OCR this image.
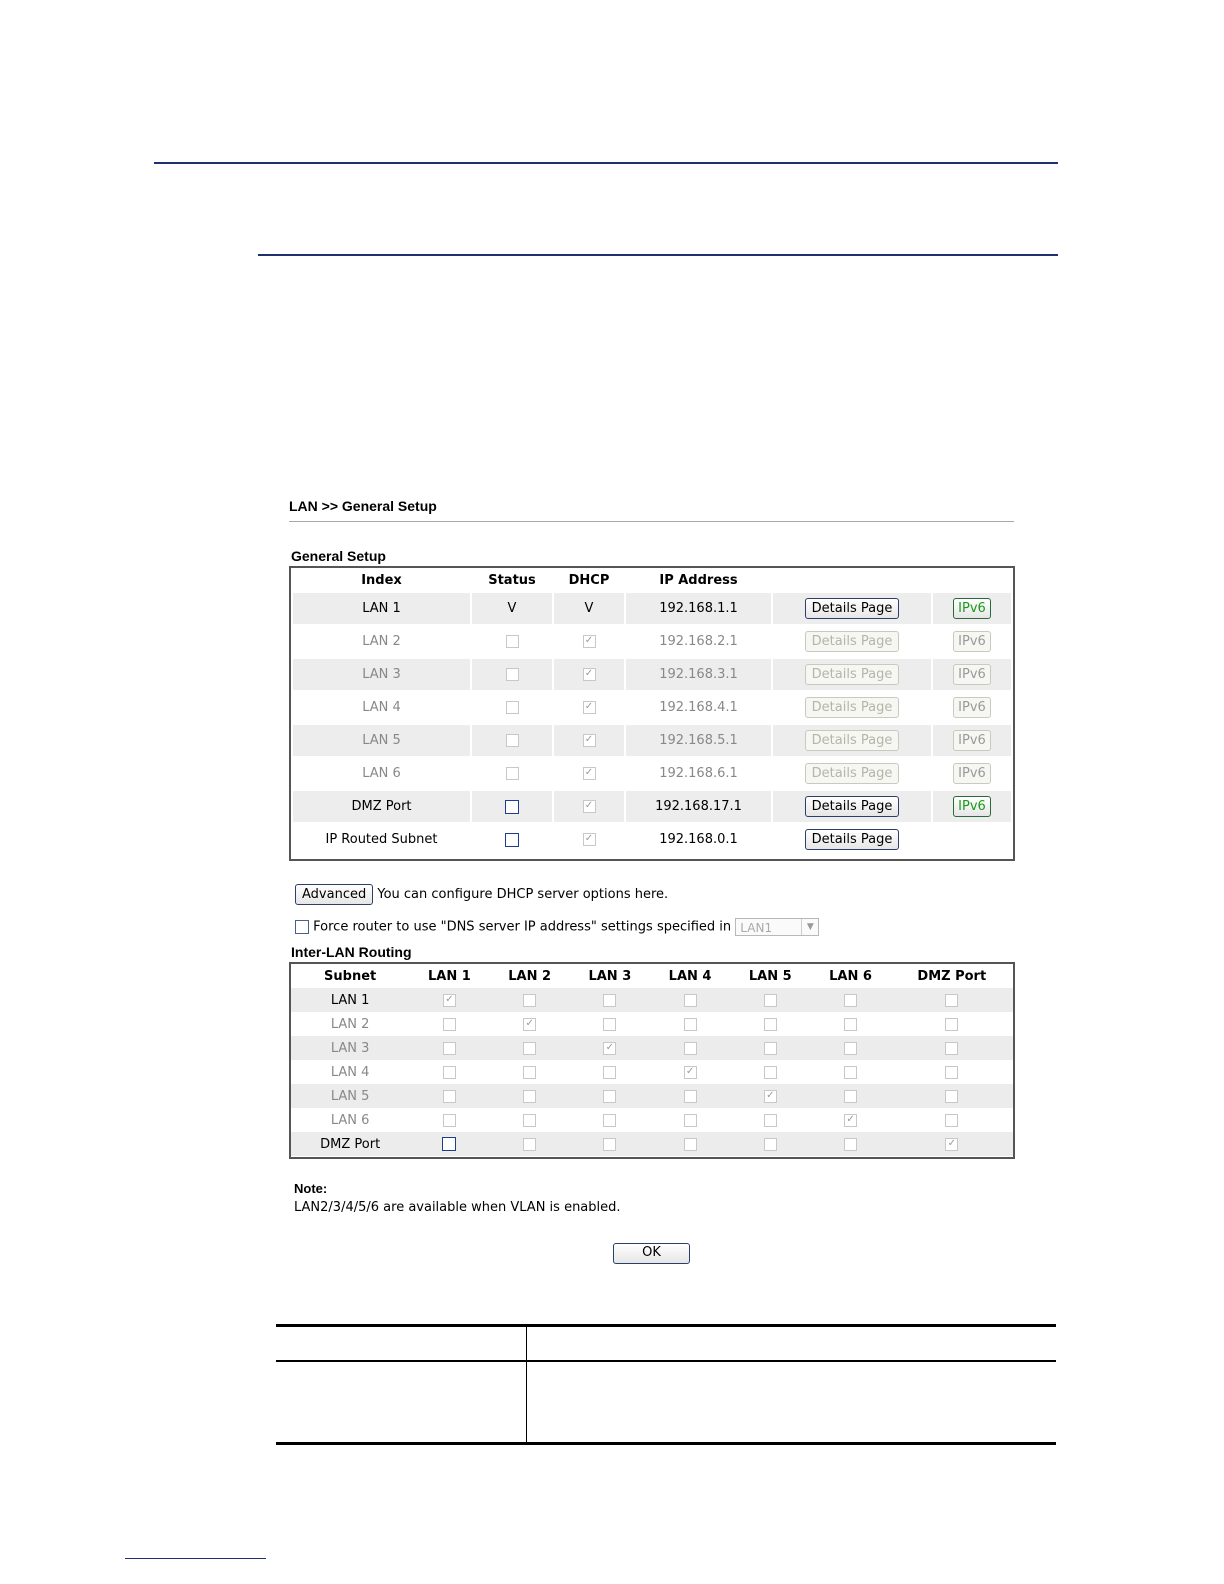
LAN >> General Setup
General Setup
Index	Status	DHCP	IP Address		
LAN 1	V	V	192.168.1.1	Details Page	IPv6
LAN 2		✓	192.168.2.1	Details Page	IPv6
LAN 3		✓	192.168.3.1	Details Page	IPv6
LAN 4		✓	192.168.4.1	Details Page	IPv6
LAN 5		✓	192.168.5.1	Details Page	IPv6
LAN 6		✓	192.168.6.1	Details Page	IPv6
DMZ Port		✓	192.168.17.1	Details Page	IPv6
IP Routed Subnet		✓	192.168.0.1	Details Page	
Advanced You can configure DHCP server options here.
Force router to use "DNS server IP address" settings specified in LAN1	▼
Inter-LAN Routing
Subnet	LAN 1	LAN 2	LAN 3	LAN 4	LAN 5	LAN 6	DMZ Port
LAN 1	✓						
LAN 2		✓					
LAN 3			✓				
LAN 4				✓			
LAN 5					✓		
LAN 6						✓	
DMZ Port							✓
Note:
LAN2/3/4/5/6 are available when VLAN is enabled.
OK
